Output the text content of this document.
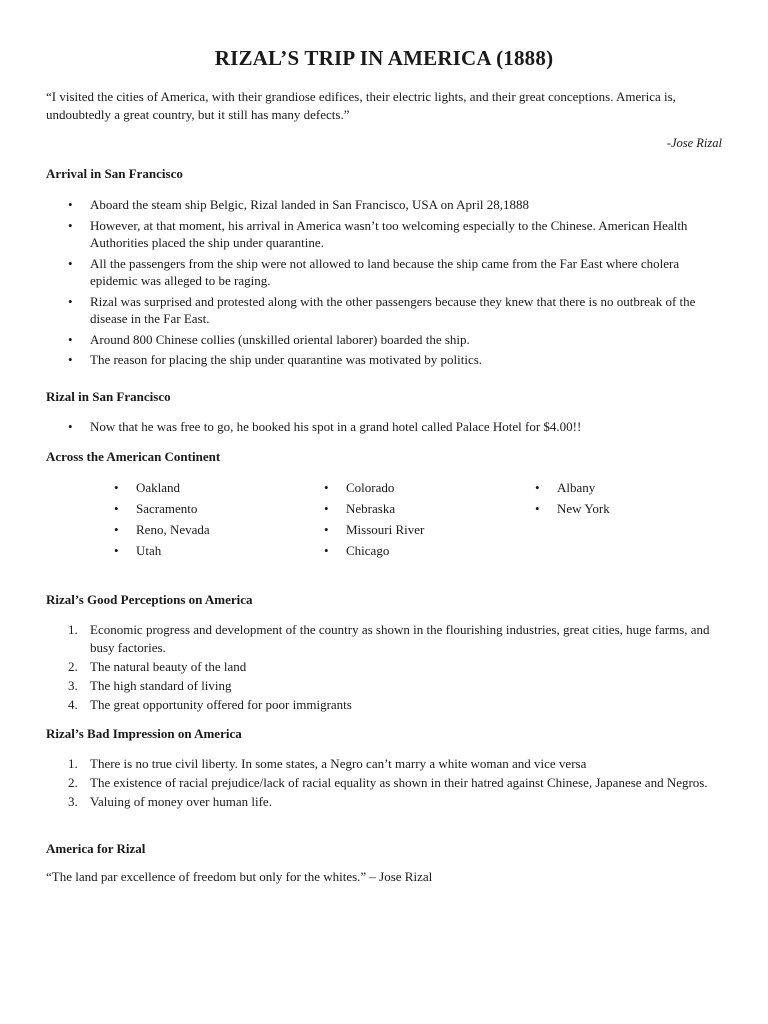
RIZAL’S TRIP IN AMERICA (1888)
“I visited the cities of America, with their grandiose edifices, their electric lights, and their great conceptions. America is, undoubtedly a great country, but it still has many defects.”
-Jose Rizal
Arrival in San Francisco
• Aboard the steam ship Belgic, Rizal landed in San Francisco, USA on April 28,1888
• However, at that moment, his arrival in America wasn’t too welcoming especially to the Chinese. American Health Authorities placed the ship under quarantine.
• All the passengers from the ship were not allowed to land because the ship came from the Far East where cholera epidemic was alleged to be raging.
• Rizal was surprised and protested along with the other passengers because they knew that there is no outbreak of the disease in the Far East.
• Around 800 Chinese collies (unskilled oriental laborer) boarded the ship.
• The reason for placing the ship under quarantine was motivated by politics.
Rizal in San Francisco
• Now that he was free to go, he booked his spot in a grand hotel called Palace Hotel for $4.00!!
Across the American Continent
• Oakland
• Sacramento
• Reno, Nevada
• Utah
• Colorado
• Nebraska
• Missouri River
• Chicago
• Albany
• New York
Rizal’s Good Perceptions on America
1. Economic progress and development of the country as shown in the flourishing industries, great cities, huge farms, and busy factories.
2. The natural beauty of the land
3. The high standard of living
4. The great opportunity offered for poor immigrants
Rizal’s Bad Impression on America
1. There is no true civil liberty. In some states, a Negro can’t marry a white woman and vice versa
2. The existence of racial prejudice/lack of racial equality as shown in their hatred against Chinese, Japanese and Negros.
3. Valuing of money over human life.
America for Rizal
“The land par excellence of freedom but only for the whites.” – Jose Rizal
